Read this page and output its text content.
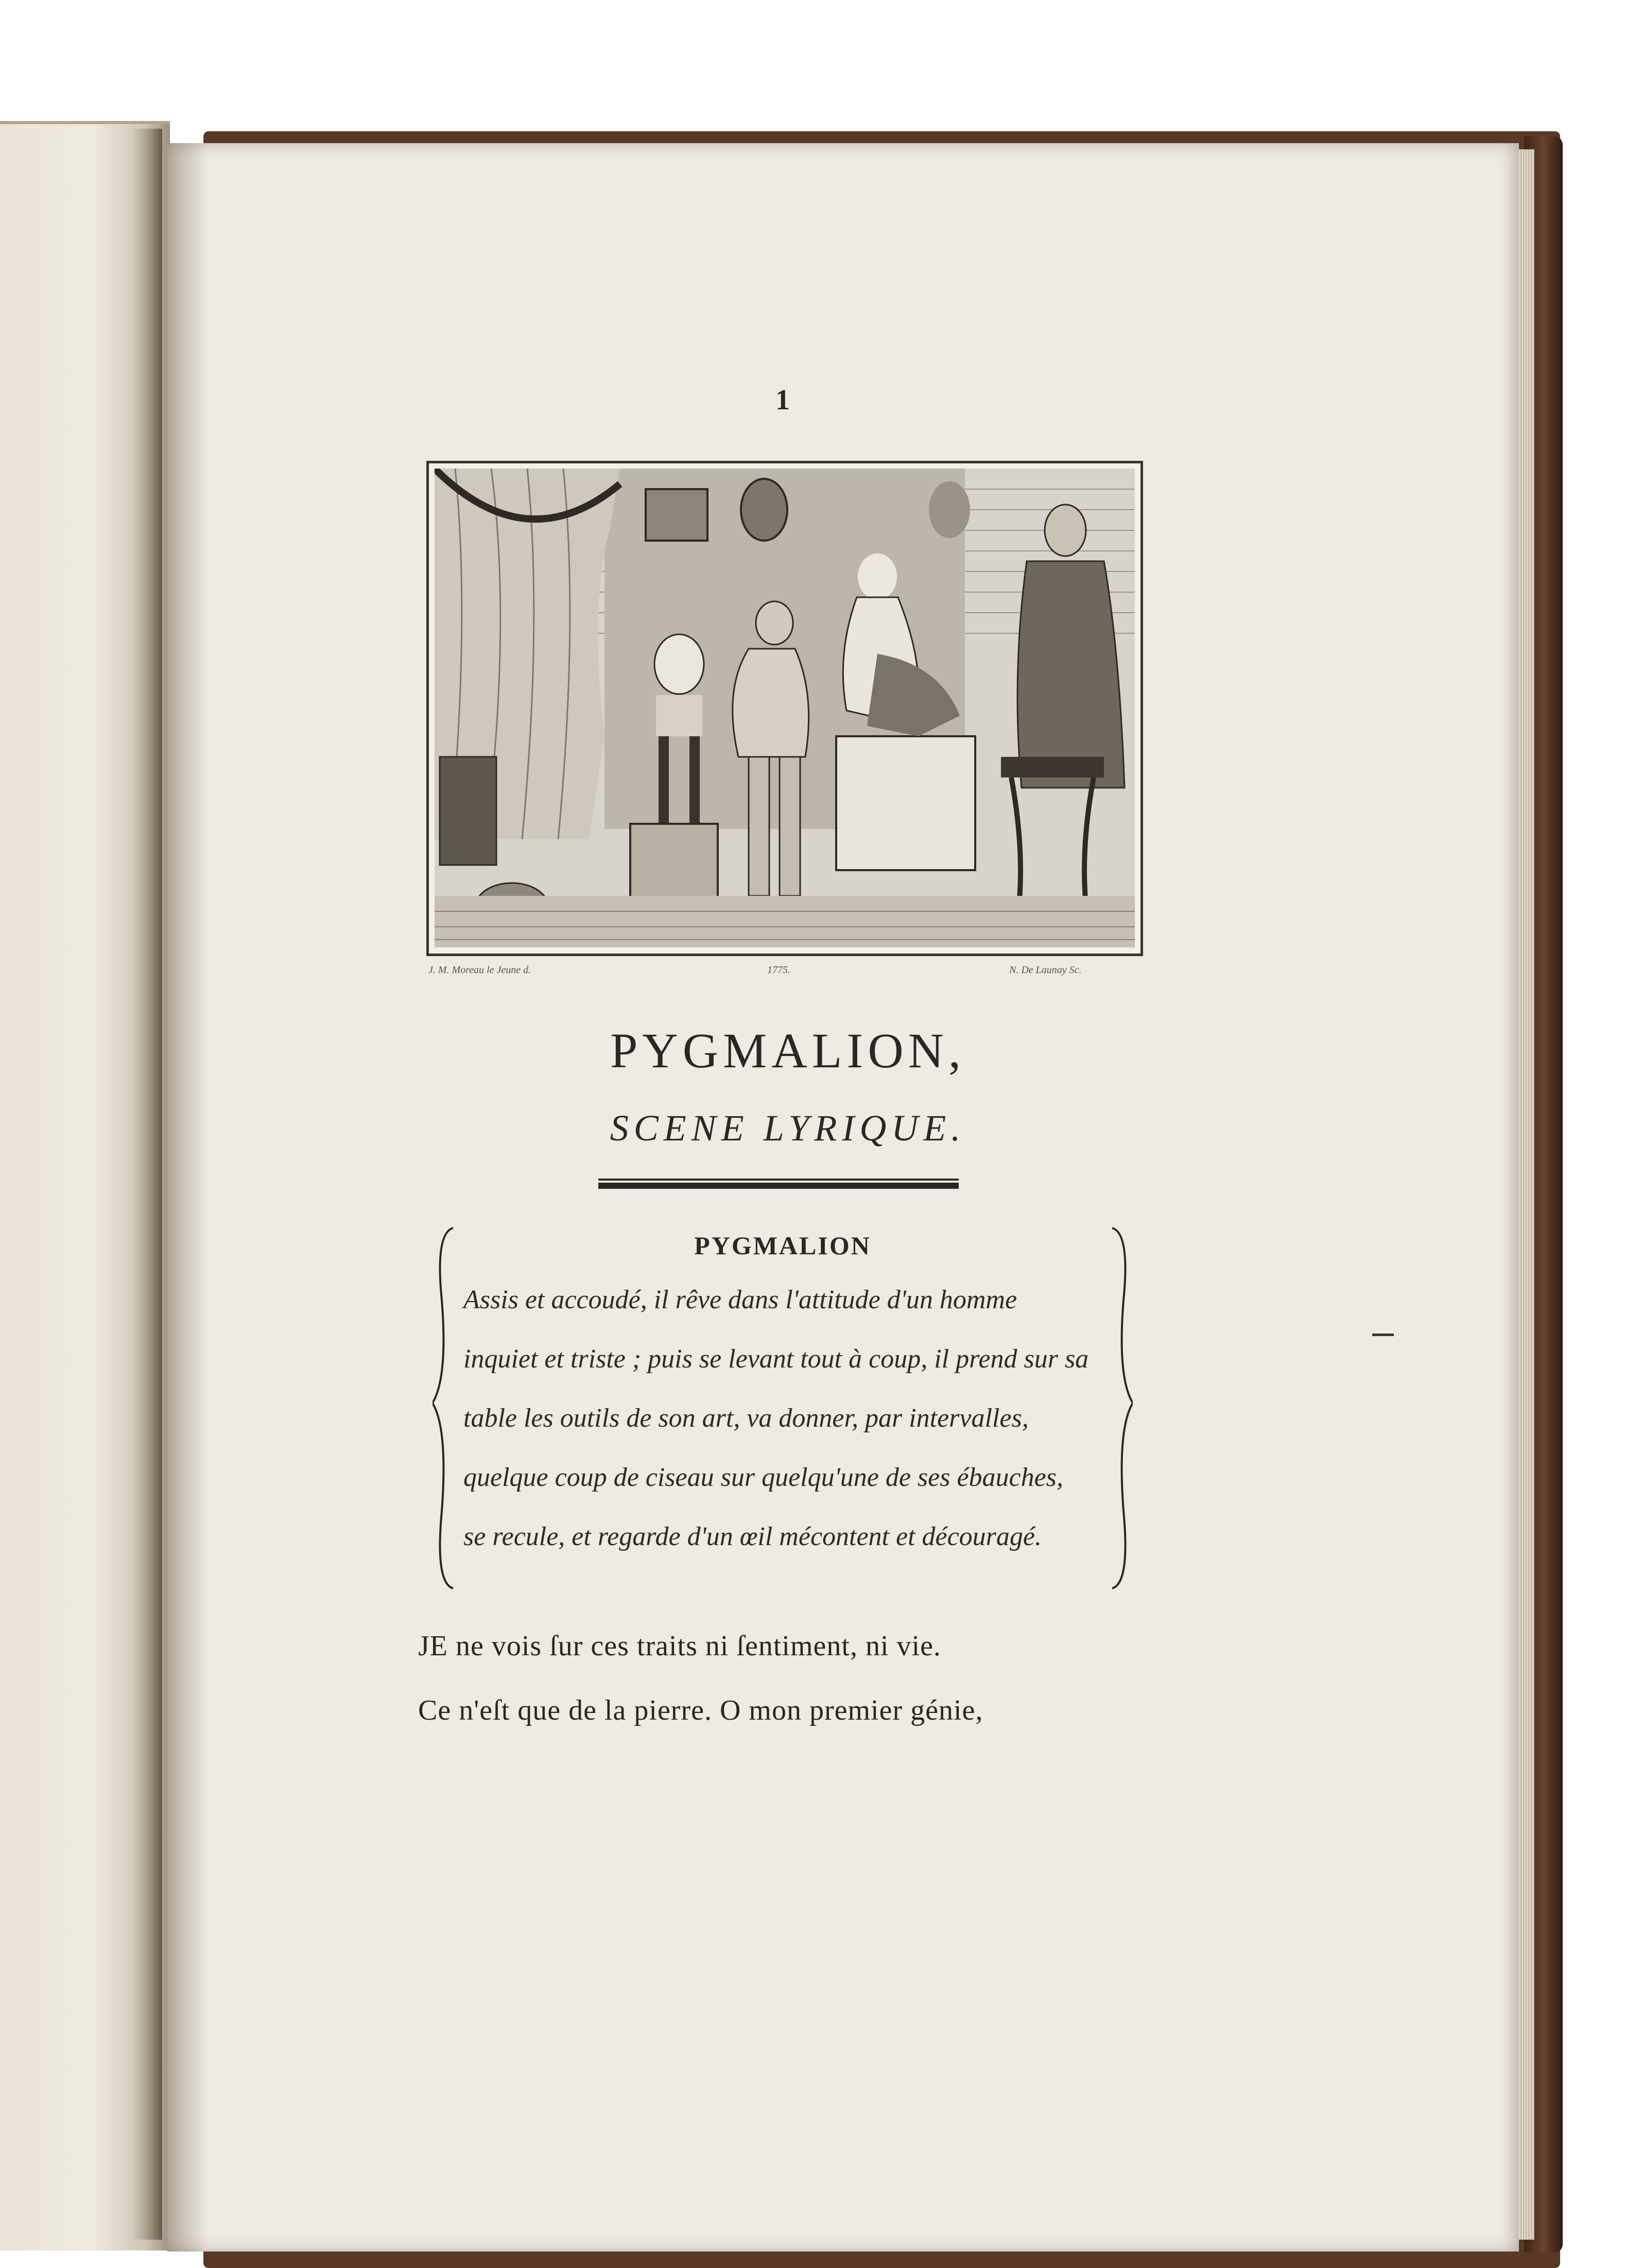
1
J. M. Moreau le Jeune d.	1775.	N. De Launay Sc.
PYGMALION,
SCENE LYRIQUE.
PYGMALION
Assis et accoudé, il rêve dans l'attitude d'un homme
inquiet et triste ; puis se levant tout à coup, il prend sur sa
table les outils de son art, va donner, par intervalles,
quelque coup de ciseau sur quelqu'une de ses ébauches,
se recule, et regarde d'un œil mécontent et découragé.
JE ne vois ſur ces traits ni ſentiment, ni vie.
Ce n'eſt que de la pierre. O mon premier génie,
